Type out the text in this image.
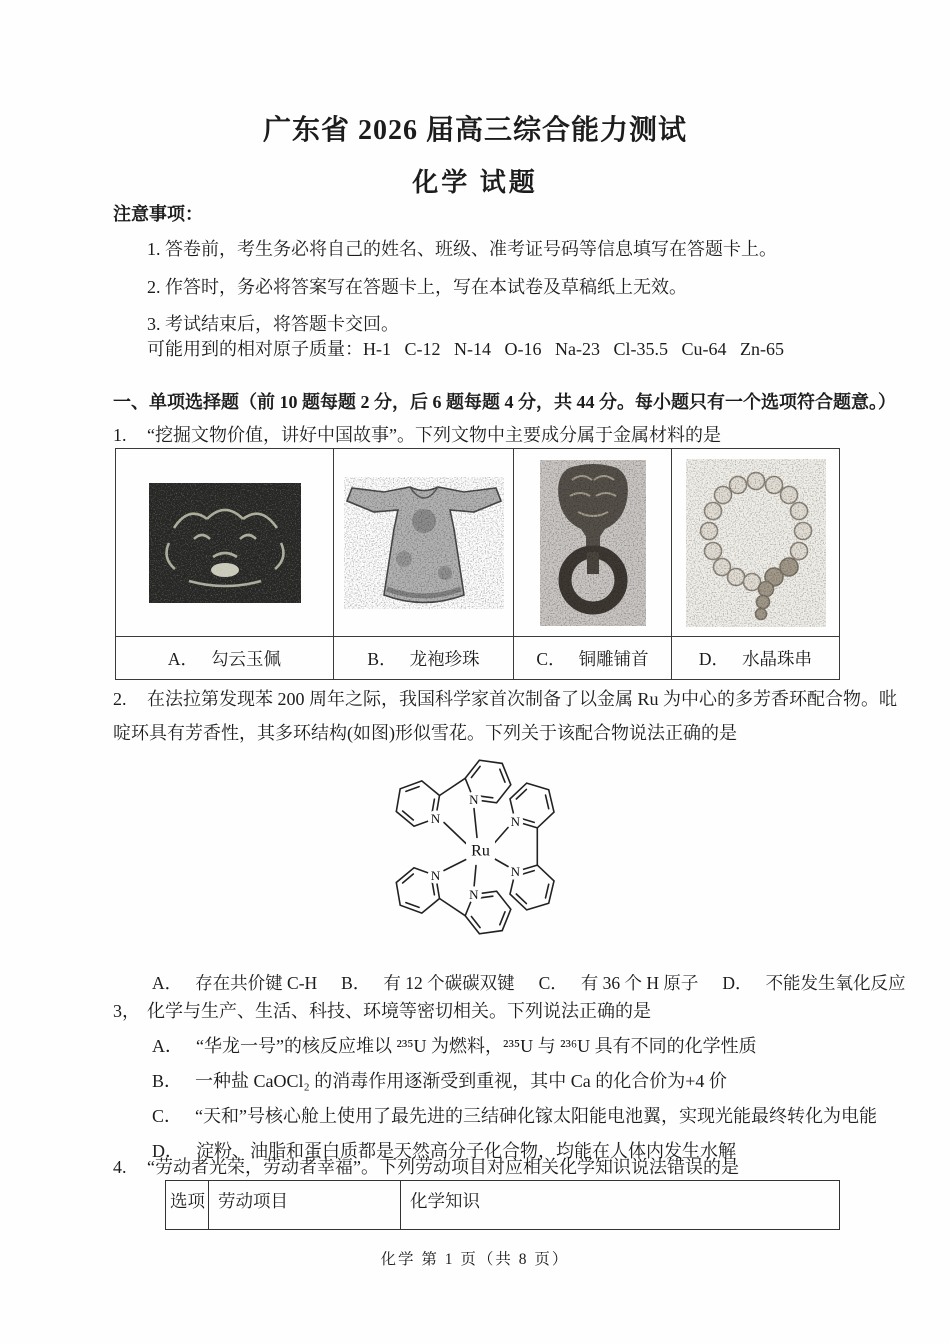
广东省 2026 届高三综合能力测试
化学 试题
注意事项：
1. 答卷前，考生务必将自己的姓名、班级、准考证号码等信息填写在答题卡上。
2. 作答时，务必将答案写在答题卡上，写在本试卷及草稿纸上无效。
3. 考试结束后，将答题卡交回。
可能用到的相对原子质量：H-1   C-12   N-14   O-16   Na-23   Cl-35.5   Cu-64   Zn-65
一、单项选择题（前 10 题每题 2 分，后 6 题每题 4 分，共 44 分。每小题只有一个选项符合题意。）
1. “挖掘文物价值，讲好中国故事”。下列文物中主要成分属于金属材料的是
A． 勾云玉佩	B． 龙袍珍珠	C． 铜雕铺首	D． 水晶珠串
2. 在法拉第发现苯 200 周年之际，我国科学家首次制备了以金属 Ru 为中心的多芳香环配合物。吡
啶环具有芳香性，其多环结构(如图)形似雪花。下列关于该配合物说法正确的是
N
N	N
N
N
N
Ru
A． 存在共价键 C-H B． 有 12 个碳碳双键 C． 有 36 个 H 原子 D． 不能发生氧化反应
3， 化学与生产、生活、科技、环境等密切相关。下列说法正确的是
A． “华龙一号”的核反应堆以 ²³⁵U 为燃料，²³⁵U 与 ²³⁶U 具有不同的化学性质
B． 一种盐 CaOCl₂ 的消毒作用逐渐受到重视，其中 Ca 的化合价为+4 价
C． “天和”号核心舱上使用了最先进的三结砷化镓太阳能电池翼，实现光能最终转化为电能
D． 淀粉、油脂和蛋白质都是天然高分子化合物，均能在人体内发生水解
4. “劳动者光荣，劳动者幸福”。下列劳动项目对应相关化学知识说法错误的是
选项 劳动项目	化学知识
化学 第 1 页（共 8 页）
